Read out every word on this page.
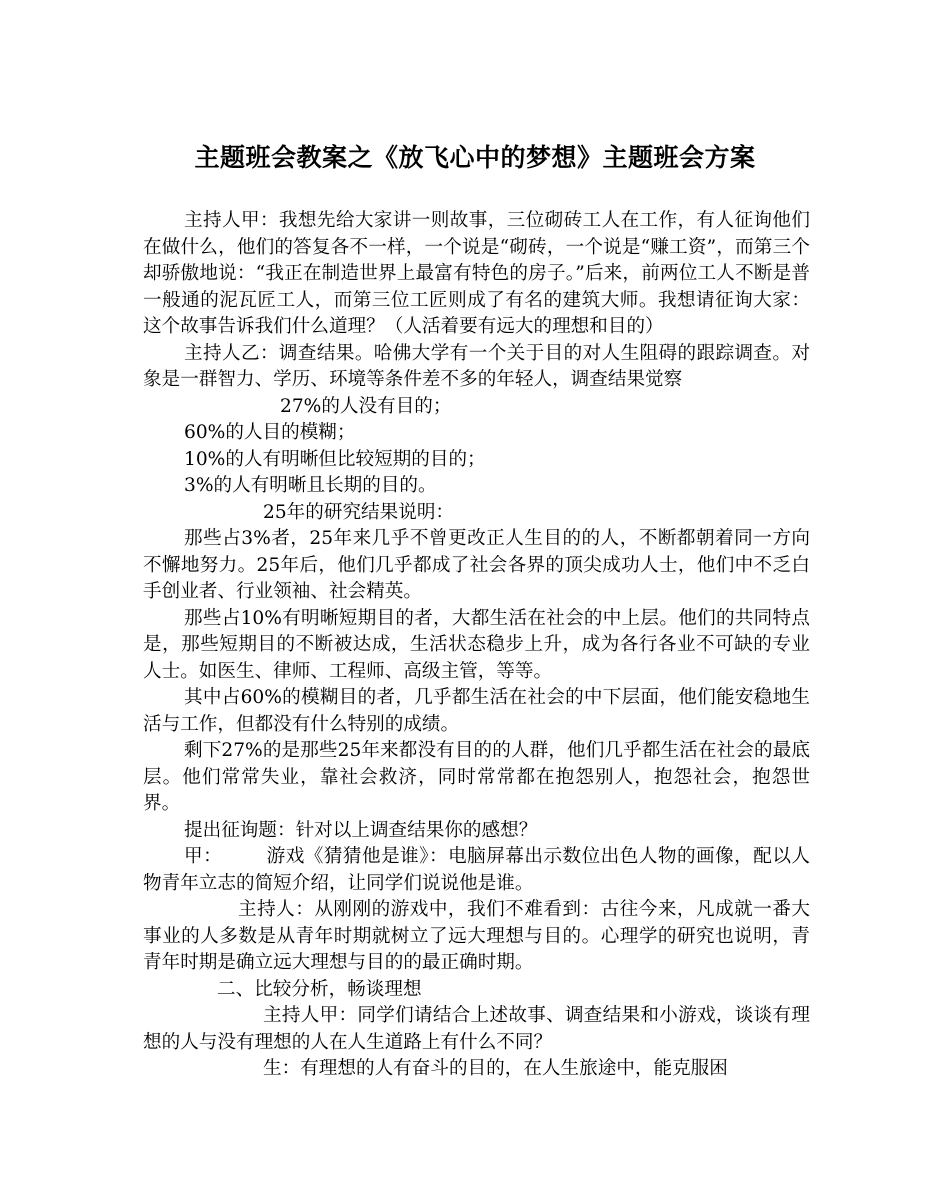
主题班会教案之《放飞心中的梦想》主题班会方案

主持人甲：我想先给大家讲一则故事，三位砌砖工人在工作，有人征询他们在做什么，他们的答复各不一样，一个说是“砌砖，一个说是“赚工资”，而第三个却骄傲地说：“我正在制造世界上最富有特色的房子。”后来，前两位工人不断是普一般通的泥瓦匠工人，而第三位工匠则成了有名的建筑大师。我想请征询大家：这个故事告诉我们什么道理？（人活着要有远大的理想和目的）

主持人乙：调查结果。哈佛大学有一个关于目的对人生阻碍的跟踪调查。对象是一群智力、学历、环境等条件差不多的年轻人，调查结果觉察

27%的人没有目的；

60%的人目的模糊；

10%的人有明晰但比较短期的目的；

3%的人有明晰且长期的目的。

25年的研究结果说明：

那些占3%者，25年来几乎不曾更改正人生目的的人，不断都朝着同一方向不懈地努力。25年后，他们几乎都成了社会各界的顶尖成功人士，他们中不乏白手创业者、行业领袖、社会精英。

那些占10%有明晰短期目的者，大都生活在社会的中上层。他们的共同特点是，那些短期目的不断被达成，生活状态稳步上升，成为各行各业不可缺的专业人士。如医生、律师、工程师、高级主管，等等。

其中占60%的模糊目的者，几乎都生活在社会的中下层面，他们能安稳地生活与工作，但都没有什么特别的成绩。

剩下27%的是那些25年来都没有目的的人群，他们几乎都生活在社会的最底层。他们常常失业，靠社会救济，同时常常都在抱怨别人，抱怨社会，抱怨世界。

提出征询题：针对以上调查结果你的感想？

甲： 游戏《猜猜他是谁》：电脑屏幕出示数位出色人物的画像，配以人物青年立志的简短介绍，让同学们说说他是谁。

主持人：从刚刚的游戏中，我们不难看到：古往今来，凡成就一番大事业的人多数是从青年时期就树立了远大理想与目的。心理学的研究也说明，青青年时期是确立远大理想与目的的最正确时期。

二、比较分析，畅谈理想

主持人甲：同学们请结合上述故事、调查结果和小游戏，谈谈有理想的人与没有理想的人在人生道路上有什么不同？

生：有理想的人有奋斗的目的，在人生旅途中，能克服困
